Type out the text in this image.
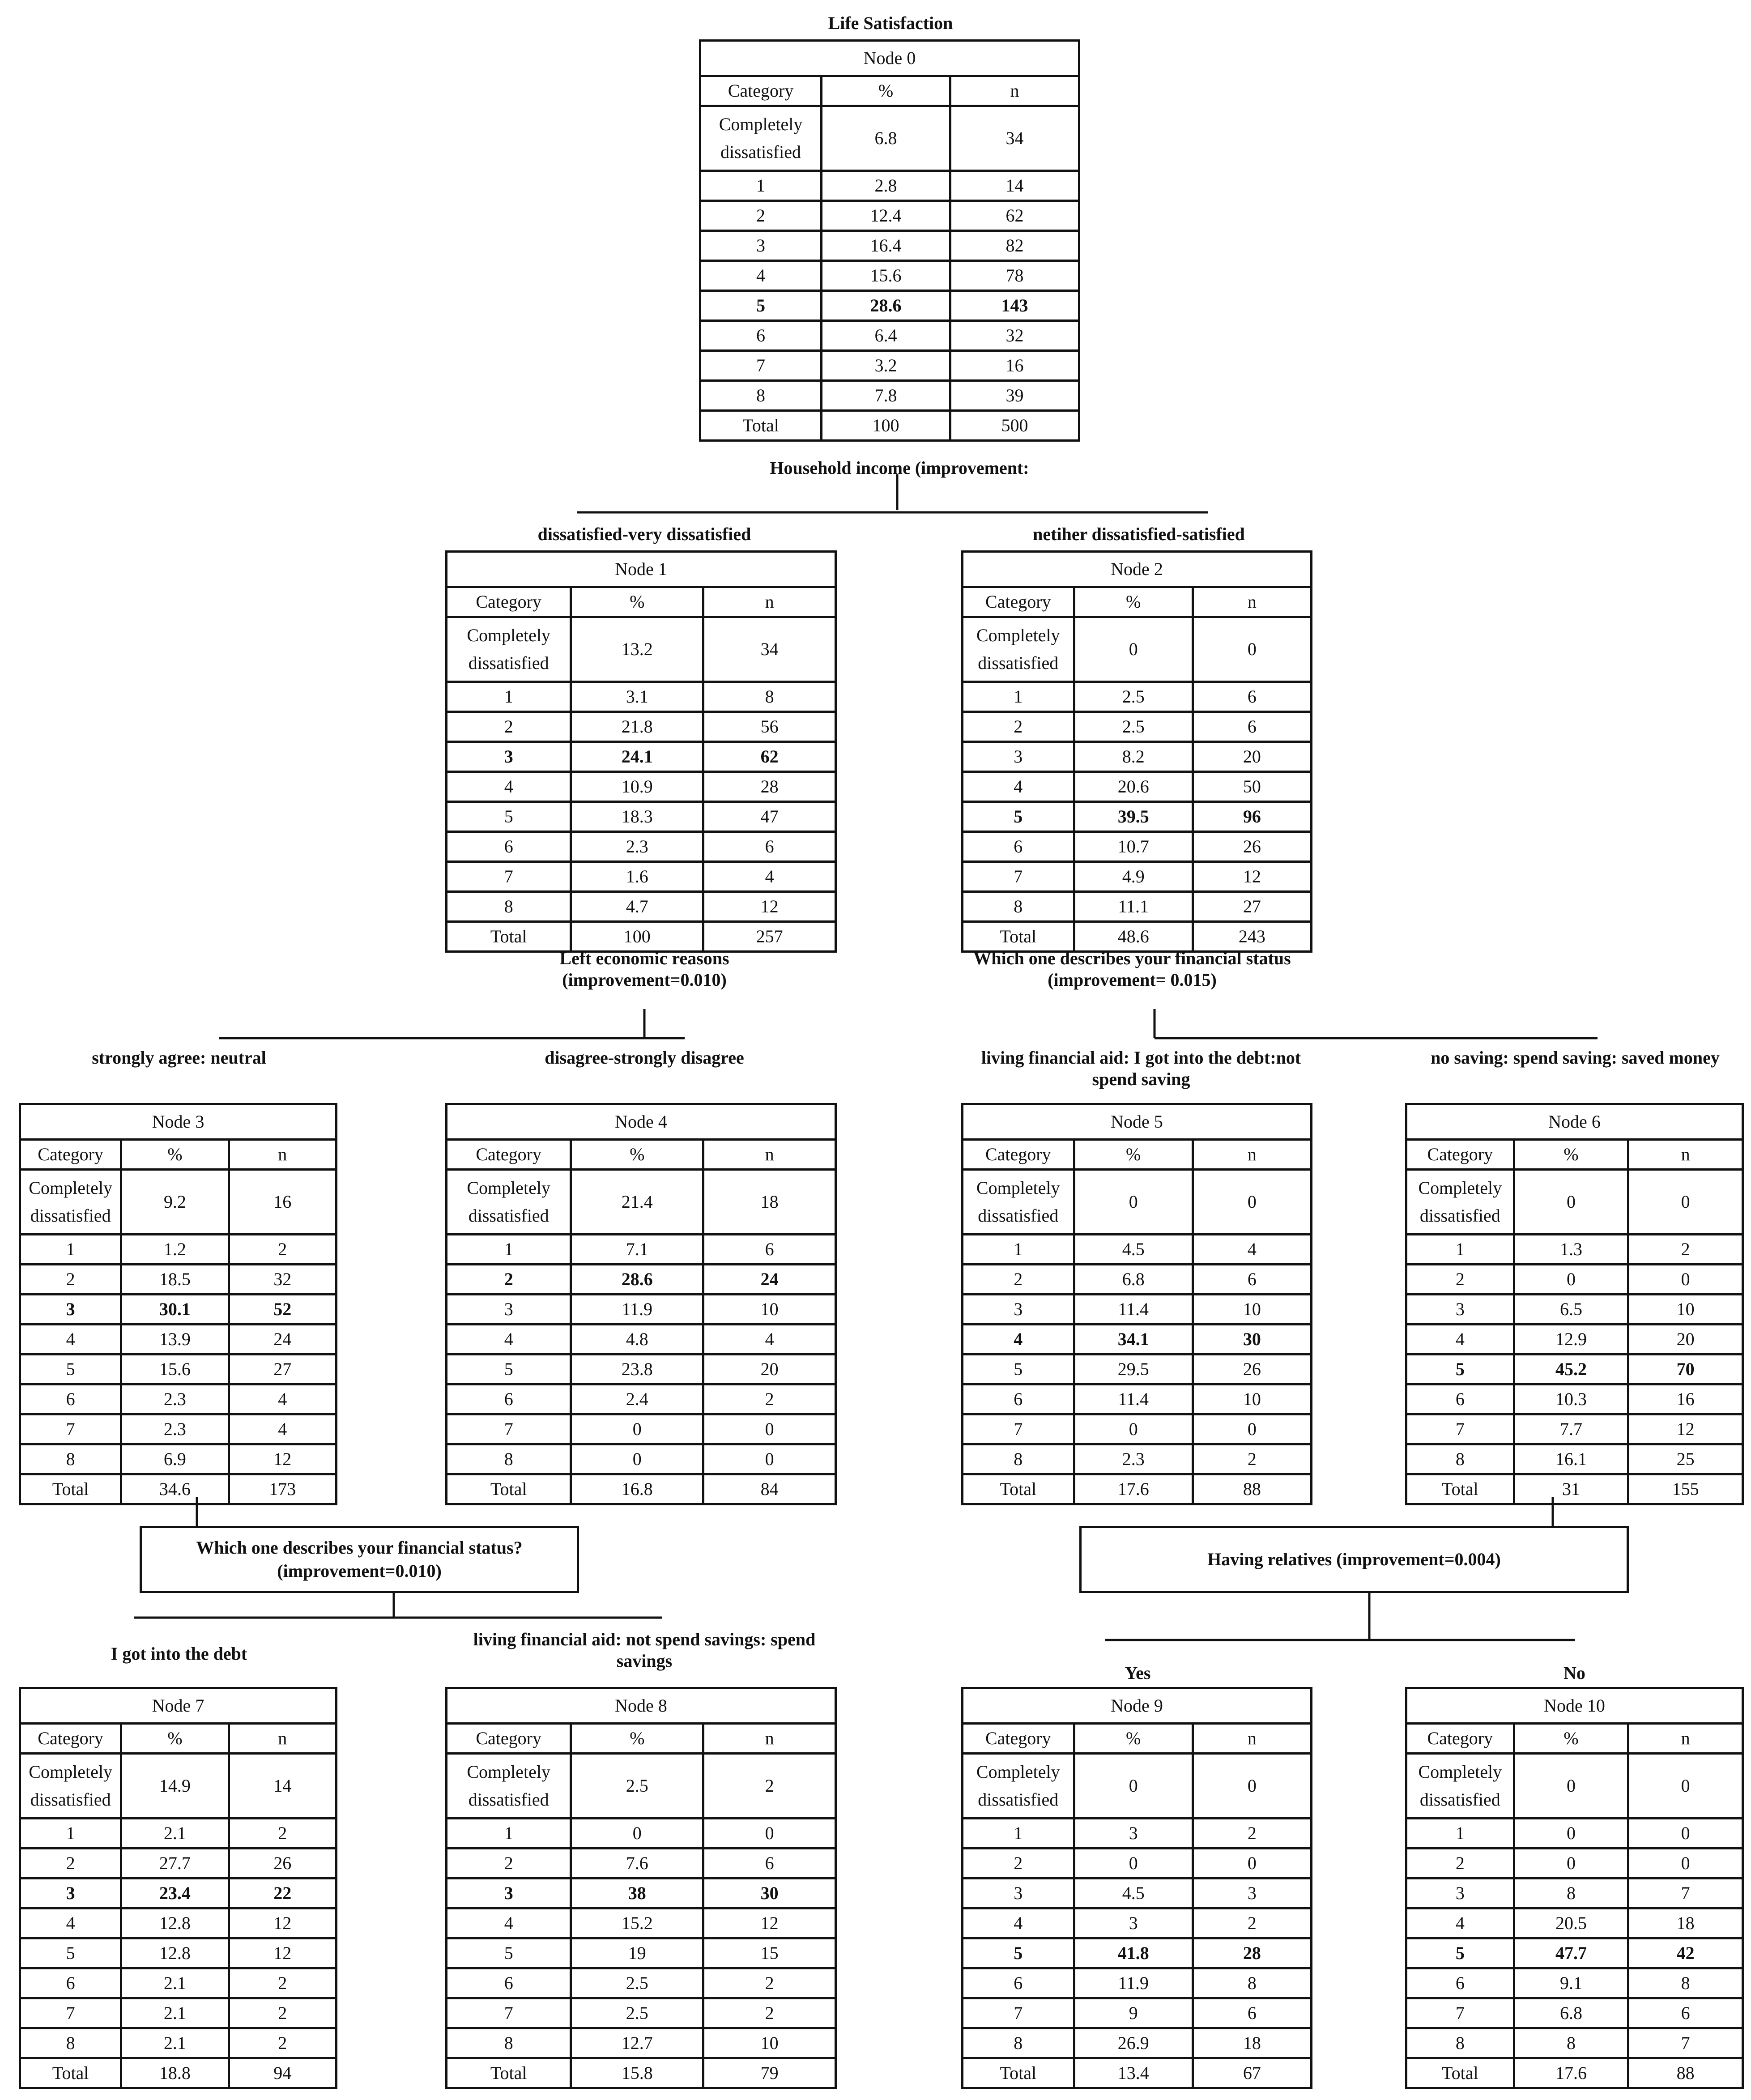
Life Satisfaction
Node 0		
Category	%	n
Completely dissatisfied	6.8	34
1	2.8	14
2	12.4	62
3	16.4	82
4	15.6	78
5	28.6	143
6	6.4	32
7	3.2	16
8	7.8	39
Total	100	500
Household income (improvement:
dissatisfied-very dissatisfied
Node 1		
Category	%	n
Completely dissatisfied	13.2	34
1	3.1	8
2	21.8	56
3	24.1	62
4	10.9	28
5	18.3	47
6	2.3	6
7	1.6	4
8	4.7	12
Total	100	257
netiher dissatisfied-satisfied
Node 2		
Category	%	n
Completely dissatisfied	0	0
1	2.5	6
2	2.5	6
3	8.2	20
4	20.6	50
5	39.5	96
6	10.7	26
7	4.9	12
8	11.1	27
Total	48.6	243
Left economic reasons (improvement=0.010)
Which one describes your financial status (improvement= 0.015)
strongly agree: neutral
Node 3		
Category	%	n
Completely dissatisfied	9.2	16
1	1.2	2
2	18.5	32
3	30.1	52
4	13.9	24
5	15.6	27
6	2.3	4
7	2.3	4
8	6.9	12
Total	34.6	173
disagree-strongly disagree
Node 4		
Category	%	n
Completely dissatisfied	21.4	18
1	7.1	6
2	28.6	24
3	11.9	10
4	4.8	4
5	23.8	20
6	2.4	2
7	0	0
8	0	0
Total	16.8	84
living financial aid: I got into the debt:not spend saving
Node 5		
Category	%	n
Completely dissatisfied	0	0
1	4.5	4
2	6.8	6
3	11.4	10
4	34.1	30
5	29.5	26
6	11.4	10
7	0	0
8	2.3	2
Total	17.6	88
no saving: spend saving: saved money
Node 6		
Category	%	n
Completely dissatisfied	0	0
1	1.3	2
2	0	0
3	6.5	10
4	12.9	20
5	45.2	70
6	10.3	16
7	7.7	12
8	16.1	25
Total	31	155
Which one describes your financial status? (improvement=0.010)
Having relatives (improvement=0.004)
I got into the debt
Node 7		
Category	%	n
Completely dissatisfied	14.9	14
1	2.1	2
2	27.7	26
3	23.4	22
4	12.8	12
5	12.8	12
6	2.1	2
7	2.1	2
8	2.1	2
Total	18.8	94
living financial aid: not spend savings: spend savings
Node 8		
Category	%	n
Completely dissatisfied	2.5	2
1	0	0
2	7.6	6
3	38	30
4	15.2	12
5	19	15
6	2.5	2
7	2.5	2
8	12.7	10
Total	15.8	79
Yes
Node 9		
Category	%	n
Completely dissatisfied	0	0
1	3	2
2	0	0
3	4.5	3
4	3	2
5	41.8	28
6	11.9	8
7	9	6
8	26.9	18
Total	13.4	67
No
Node 10		
Category	%	n
Completely dissatisfied	0	0
1	0	0
2	0	0
3	8	7
4	20.5	18
5	47.7	42
6	9.1	8
7	6.8	6
8	8	7
Total	17.6	88
